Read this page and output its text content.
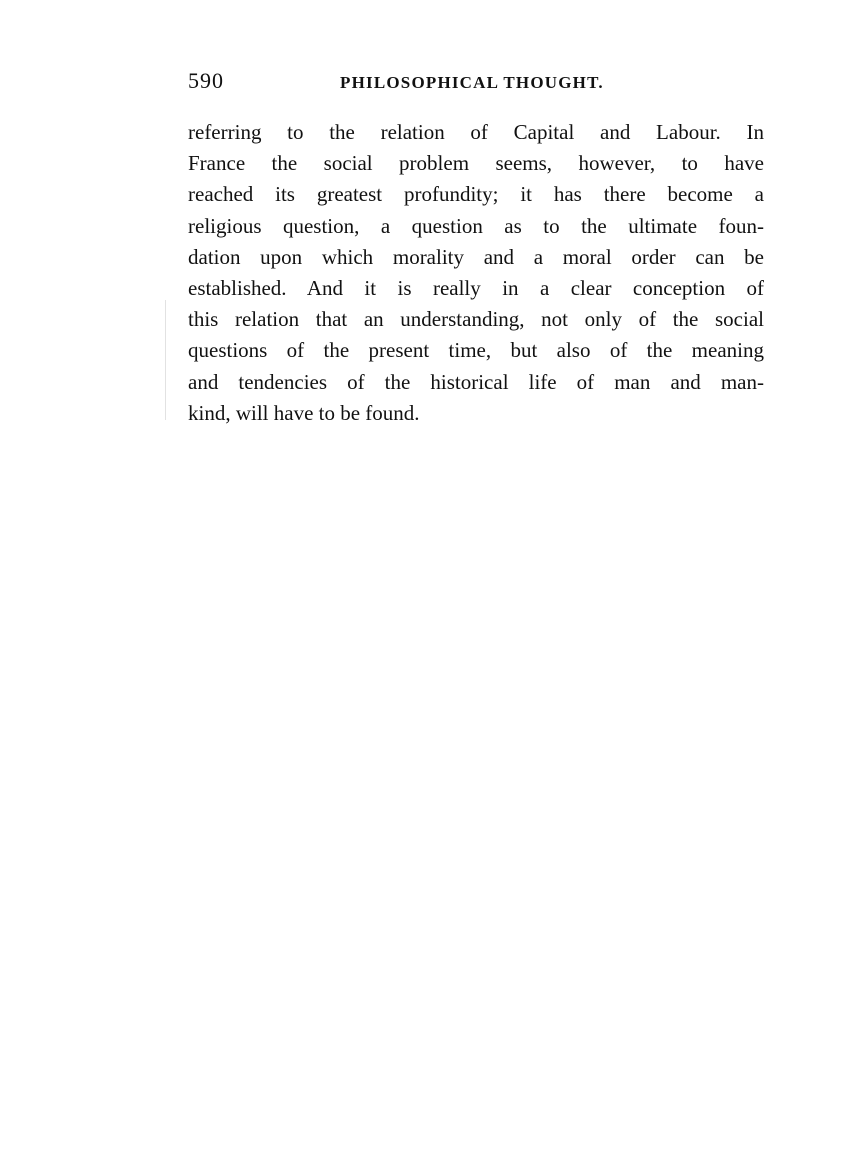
590	PHILOSOPHICAL THOUGHT.

referring to the relation of Capital and Labour. In
France the social problem seems, however, to have
reached its greatest profundity; it has there become a
religious question, a question as to the ultimate foun-
dation upon which morality and a moral order can be
established. And it is really in a clear conception of
this relation that an understanding, not only of the social
questions of the present time, but also of the meaning
and tendencies of the historical life of man and man-
kind, will have to be found.
